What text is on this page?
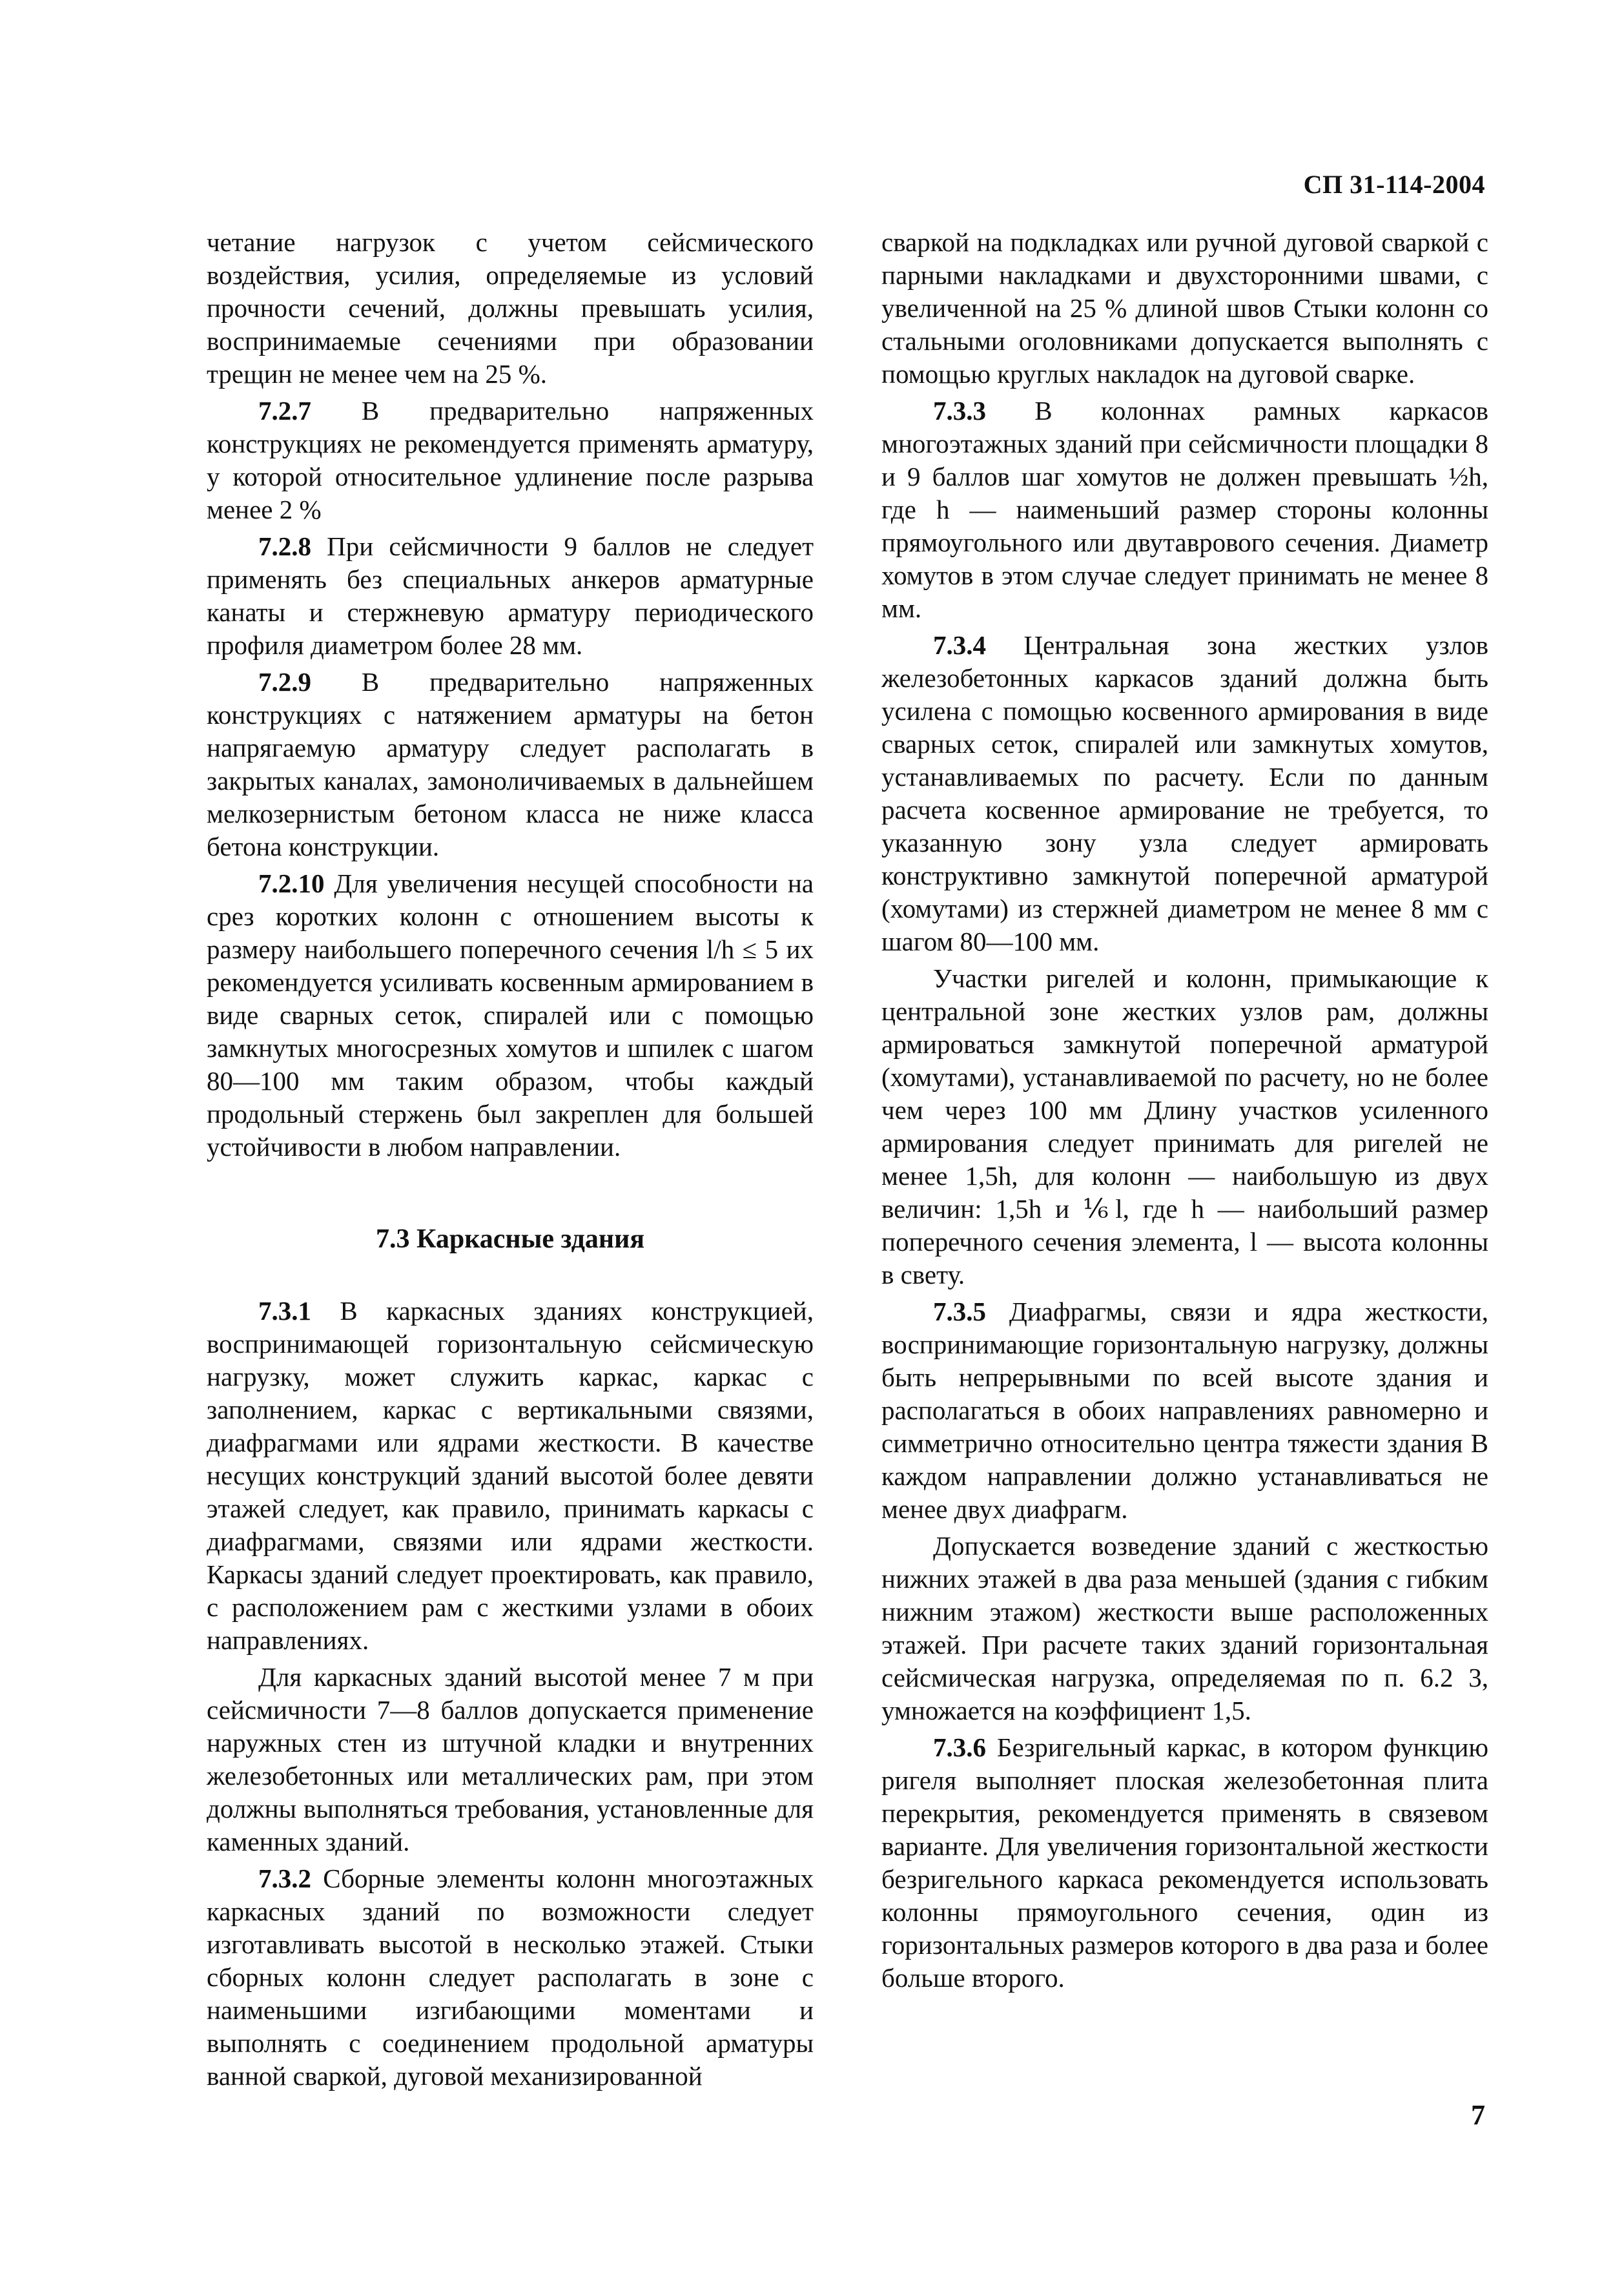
СП 31-114-2004

четание нагрузок с учетом сейсмического воздействия, усилия, определяемые из условий прочности сечений, должны превышать усилия, воспринимаемые сечениями при образовании трещин не менее чем на 25 %.

7.2.7 В предварительно напряженных конструкциях не рекомендуется применять арматуру, у которой относительное удлинение после разрыва менее 2 %

7.2.8 При сейсмичности 9 баллов не следует применять без специальных анкеров арматурные канаты и стержневую арматуру периодического профиля диаметром более 28 мм.

7.2.9 В предварительно напряженных конструкциях с натяжением арматуры на бетон напрягаемую арматуру следует располагать в закрытых каналах, замоноличиваемых в дальнейшем мелкозернистым бетоном класса не ниже класса бетона конструкции.

7.2.10 Для увеличения несущей способности на срез коротких колонн с отношением высоты к размеру наибольшего поперечного сечения l/h ≤ 5 их рекомендуется усиливать косвенным армированием в виде сварных сеток, спиралей или с помощью замкнутых многосрезных хомутов и шпилек с шагом 80—100 мм таким образом, чтобы каждый продольный стержень был закреплен для большей устойчивости в любом направлении.

7.3 Каркасные здания

7.3.1 В каркасных зданиях конструкцией, воспринимающей горизонтальную сейсмическую нагрузку, может служить каркас, каркас с заполнением, каркас с вертикальными связями, диафрагмами или ядрами жесткости. В качестве несущих конструкций зданий высотой более девяти этажей следует, как правило, принимать каркасы с диафрагмами, связями или ядрами жесткости. Каркасы зданий следует проектировать, как правило, с расположением рам с жесткими узлами в обоих направлениях.

Для каркасных зданий высотой менее 7 м при сейсмичности 7—8 баллов допускается применение наружных стен из штучной кладки и внутренних железобетонных или металлических рам, при этом должны выполняться требования, установленные для каменных зданий.

7.3.2 Сборные элементы колонн многоэтажных каркасных зданий по возможности следует изготавливать высотой в несколько этажей. Стыки сборных колонн следует располагать в зоне с наименьшими изгибающими моментами и выполнять с соединением продольной арматуры ванной сваркой, дуговой механизированной

сваркой на подкладках или ручной дуговой сваркой с парными накладками и двухсторонними швами, с увеличенной на 25 % длиной швов Стыки колонн со стальными оголовниками допускается выполнять с помощью круглых накладок на дуговой сварке.

7.3.3 В колоннах рамных каркасов многоэтажных зданий при сейсмичности площадки 8 и 9 баллов шаг хомутов не должен превышать ½h, где h — наименьший размер стороны колонны прямоугольного или двутаврового сечения. Диаметр хомутов в этом случае следует принимать не менее 8 мм.

7.3.4 Центральная зона жестких узлов железобетонных каркасов зданий должна быть усилена с помощью косвенного армирования в виде сварных сеток, спиралей или замкнутых хомутов, устанавливаемых по расчету. Если по данным расчета косвенное армирование не требуется, то указанную зону узла следует армировать конструктивно замкнутой поперечной арматурой (хомутами) из стержней диаметром не менее 8 мм с шагом 80—100 мм.

Участки ригелей и колонн, примыкающие к центральной зоне жестких узлов рам, должны армироваться замкнутой поперечной арматурой (хомутами), устанавливаемой по расчету, но не более чем через 100 мм Длину участков усиленного армирования следует принимать для ригелей не менее 1,5h, для колонн — наибольшую из двух величин: 1,5h и ⅙l, где h — наибольший размер поперечного сечения элемента, l — высота колонны в свету.

7.3.5 Диафрагмы, связи и ядра жесткости, воспринимающие горизонтальную нагрузку, должны быть непрерывными по всей высоте здания и располагаться в обоих направлениях равномерно и симметрично относительно центра тяжести здания В каждом направлении должно устанавливаться не менее двух диафрагм.

Допускается возведение зданий с жесткостью нижних этажей в два раза меньшей (здания с гибким нижним этажом) жесткости выше расположенных этажей. При расчете таких зданий горизонтальная сейсмическая нагрузка, определяемая по п. 6.2 3, умножается на коэффициент 1,5.

7.3.6 Безригельный каркас, в котором функцию ригеля выполняет плоская железобетонная плита перекрытия, рекомендуется применять в связевом варианте. Для увеличения горизонтальной жесткости безригельного каркаса рекомендуется использовать колонны прямоугольного сечения, один из горизонтальных размеров которого в два раза и более больше второго.

7
